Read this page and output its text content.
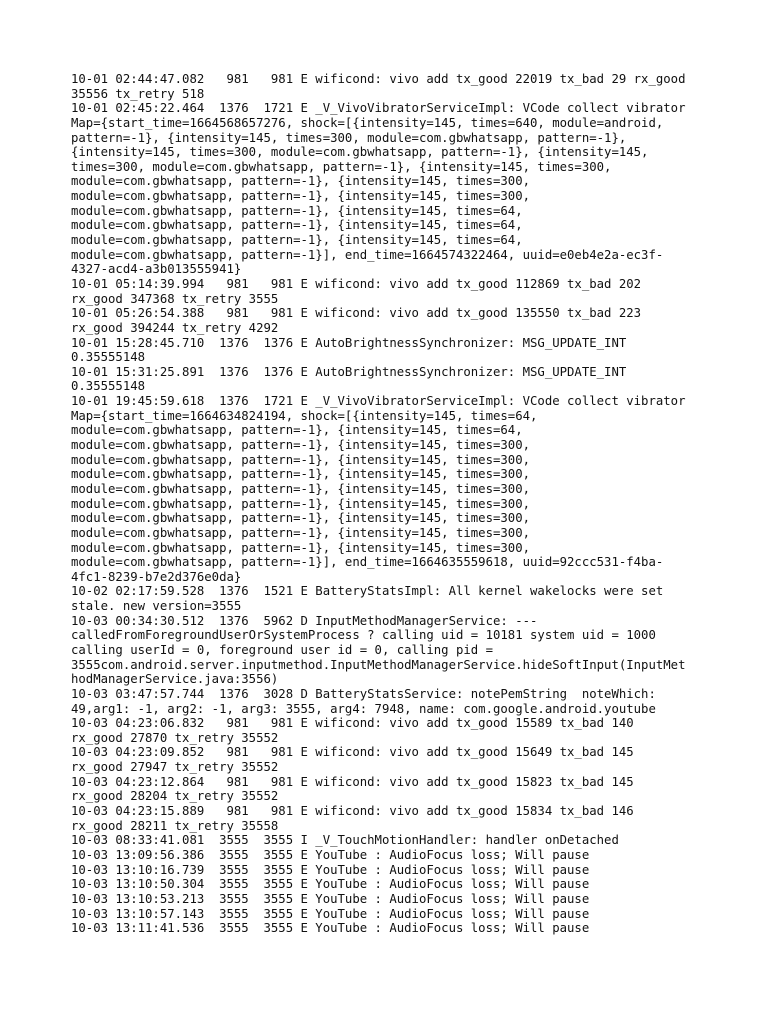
10-01 02:44:47.082   981   981 E wificond: vivo add tx_good 22019 tx_bad 29 rx_good
35556 tx_retry 518
10-01 02:45:22.464  1376  1721 E _V_VivoVibratorServiceImpl: VCode collect vibrator
Map={start_time=1664568657276, shock=[{intensity=145, times=640, module=android,
pattern=-1}, {intensity=145, times=300, module=com.gbwhatsapp, pattern=-1},
{intensity=145, times=300, module=com.gbwhatsapp, pattern=-1}, {intensity=145,
times=300, module=com.gbwhatsapp, pattern=-1}, {intensity=145, times=300,
module=com.gbwhatsapp, pattern=-1}, {intensity=145, times=300,
module=com.gbwhatsapp, pattern=-1}, {intensity=145, times=300,
module=com.gbwhatsapp, pattern=-1}, {intensity=145, times=64,
module=com.gbwhatsapp, pattern=-1}, {intensity=145, times=64,
module=com.gbwhatsapp, pattern=-1}, {intensity=145, times=64,
module=com.gbwhatsapp, pattern=-1}], end_time=1664574322464, uuid=e0eb4e2a-ec3f-
4327-acd4-a3b013555941}
10-01 05:14:39.994   981   981 E wificond: vivo add tx_good 112869 tx_bad 202
rx_good 347368 tx_retry 3555
10-01 05:26:54.388   981   981 E wificond: vivo add tx_good 135550 tx_bad 223
rx_good 394244 tx_retry 4292
10-01 15:28:45.710  1376  1376 E AutoBrightnessSynchronizer: MSG_UPDATE_INT
0.35555148
10-01 15:31:25.891  1376  1376 E AutoBrightnessSynchronizer: MSG_UPDATE_INT
0.35555148
10-01 19:45:59.618  1376  1721 E _V_VivoVibratorServiceImpl: VCode collect vibrator
Map={start_time=1664634824194, shock=[{intensity=145, times=64,
module=com.gbwhatsapp, pattern=-1}, {intensity=145, times=64,
module=com.gbwhatsapp, pattern=-1}, {intensity=145, times=300,
module=com.gbwhatsapp, pattern=-1}, {intensity=145, times=300,
module=com.gbwhatsapp, pattern=-1}, {intensity=145, times=300,
module=com.gbwhatsapp, pattern=-1}, {intensity=145, times=300,
module=com.gbwhatsapp, pattern=-1}, {intensity=145, times=300,
module=com.gbwhatsapp, pattern=-1}, {intensity=145, times=300,
module=com.gbwhatsapp, pattern=-1}, {intensity=145, times=300,
module=com.gbwhatsapp, pattern=-1}, {intensity=145, times=300,
module=com.gbwhatsapp, pattern=-1}], end_time=1664635559618, uuid=92ccc531-f4ba-
4fc1-8239-b7e2d376e0da}
10-02 02:17:59.528  1376  1521 E BatteryStatsImpl: All kernel wakelocks were set
stale. new version=3555
10-03 00:34:30.512  1376  5962 D InputMethodManagerService: ---
calledFromForegroundUserOrSystemProcess ? calling uid = 10181 system uid = 1000
calling userId = 0, foreground user id = 0, calling pid =
3555com.android.server.inputmethod.InputMethodManagerService.hideSoftInput(InputMet
hodManagerService.java:3556)
10-03 03:47:57.744  1376  3028 D BatteryStatsService: notePemString  noteWhich:
49,arg1: -1, arg2: -1, arg3: 3555, arg4: 7948, name: com.google.android.youtube
10-03 04:23:06.832   981   981 E wificond: vivo add tx_good 15589 tx_bad 140
rx_good 27870 tx_retry 35552
10-03 04:23:09.852   981   981 E wificond: vivo add tx_good 15649 tx_bad 145
rx_good 27947 tx_retry 35552
10-03 04:23:12.864   981   981 E wificond: vivo add tx_good 15823 tx_bad 145
rx_good 28204 tx_retry 35552
10-03 04:23:15.889   981   981 E wificond: vivo add tx_good 15834 tx_bad 146
rx_good 28211 tx_retry 35558
10-03 08:33:41.081  3555  3555 I _V_TouchMotionHandler: handler onDetached
10-03 13:09:56.386  3555  3555 E YouTube : AudioFocus loss; Will pause
10-03 13:10:16.739  3555  3555 E YouTube : AudioFocus loss; Will pause
10-03 13:10:50.304  3555  3555 E YouTube : AudioFocus loss; Will pause
10-03 13:10:53.213  3555  3555 E YouTube : AudioFocus loss; Will pause
10-03 13:10:57.143  3555  3555 E YouTube : AudioFocus loss; Will pause
10-03 13:11:41.536  3555  3555 E YouTube : AudioFocus loss; Will pause
